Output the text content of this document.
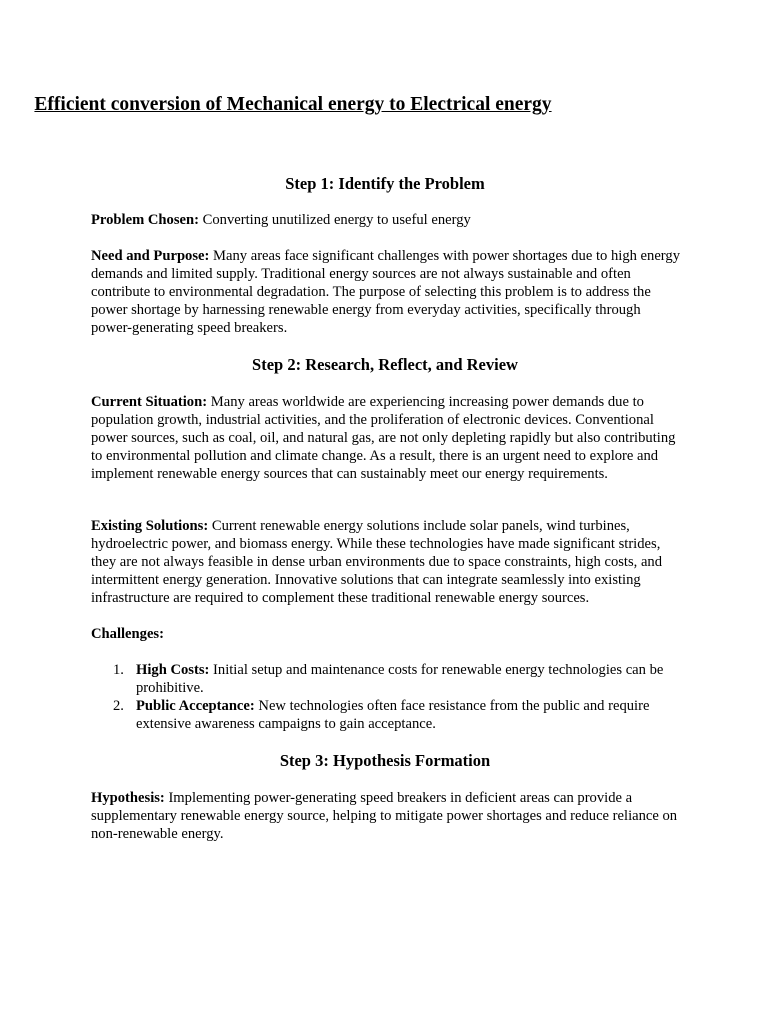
Efficient conversion of Mechanical energy to Electrical energy
Step 1: Identify the Problem

Problem Chosen: Converting unutilized energy to useful energy

Need and Purpose: Many areas face significant challenges with power shortages due to high energy demands and limited supply. Traditional energy sources are not always sustainable and often contribute to environmental degradation. The purpose of selecting this problem is to address the power shortage by harnessing renewable energy from everyday activities, specifically through power-generating speed breakers.

Step 2: Research, Reflect, and Review

Current Situation: Many areas worldwide are experiencing increasing power demands due to population growth, industrial activities, and the proliferation of electronic devices. Conventional power sources, such as coal, oil, and natural gas, are not only depleting rapidly but also contributing to environmental pollution and climate change. As a result, there is an urgent need to explore and implement renewable energy sources that can sustainably meet our energy requirements.

Existing Solutions: Current renewable energy solutions include solar panels, wind turbines, hydroelectric power, and biomass energy. While these technologies have made significant strides, they are not always feasible in dense urban environments due to space constraints, high costs, and intermittent energy generation. Innovative solutions that can integrate seamlessly into existing infrastructure are required to complement these traditional renewable energy sources.

Challenges:

1. High Costs: Initial setup and maintenance costs for renewable energy technologies can be prohibitive.
2. Public Acceptance: New technologies often face resistance from the public and require extensive awareness campaigns to gain acceptance.
Step 3: Hypothesis Formation

Hypothesis: Implementing power-generating speed breakers in deficient areas can provide a supplementary renewable energy source, helping to mitigate power shortages and reduce reliance on non-renewable energy.
